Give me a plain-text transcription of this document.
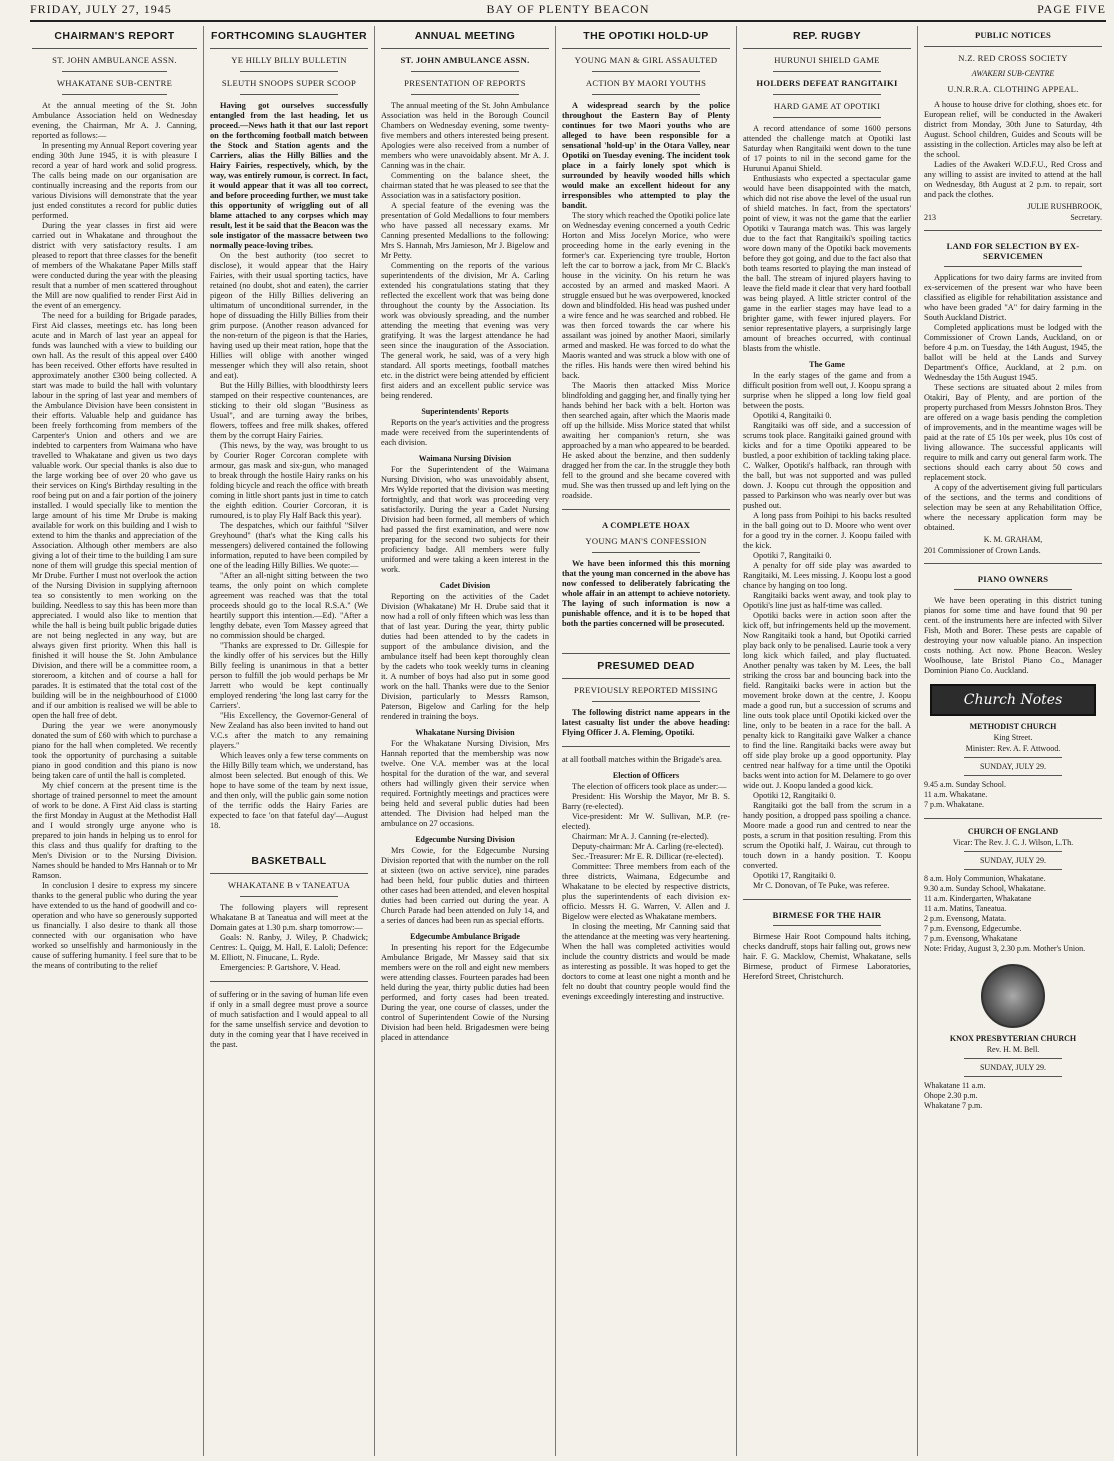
FRIDAY, JULY 27, 1945	BAY OF PLENTY BEACON	PAGE FIVE
CHAIRMAN'S REPORT
ST. JOHN AMBULANCE ASSN.
WHAKATANE SUB-CENTRE

At the annual meeting of the St. John Ambulance Association held on Wednesday evening, the Chairman, Mr A. J. Canning, reported as follows:—

In presenting my Annual Report covering year ending 30th June 1945, it is with pleasure I record a year of hard work and solid progress. The calls being made on our organisation are continually increasing and the reports from our various Divisions will demonstrate that the year just ended constitutes a record for public duties performed.

During the year classes in first aid were carried out in Whakatane and throughout the district with very satisfactory results. I am pleased to report that three classes for the benefit of members of the Whakatane Paper Mills staff were conducted during the year with the pleasing result that a number of men scattered throughout the Mill are now qualified to render First Aid in the event of an emergency.

The need for a building for Brigade parades, First Aid classes, meetings etc. has long been acute and in March of last year an appeal for funds was launched with a view to building our own hall. As the result of this appeal over £400 has been received. Other efforts have resulted in approximately another £300 being collected. A start was made to build the hall with voluntary labour in the spring of last year and members of the Ambulance Division have been consistent in their efforts. Valuable help and guidance has been freely forthcoming from members of the Carpenter's Union and others and we are indebted to carpenters from Waimana who have travelled to Whakatane and given us two days valuable work. Our special thanks is also due to the large working bee of over 20 who gave us their services on King's Birthday resulting in the roof being put on and a fair portion of the joinery installed. I would specially like to mention the large amount of his time Mr Drube is making available for work on this building and I wish to extend to him the thanks and appreciation of the Association. Although other members are also giving a lot of their time to the building I am sure none of them will grudge this special mention of Mr Drube. Further I must not overlook the action of the Nursing Division in supplying afternoon tea so consistently to men working on the building. Needless to say this has been more than appreciated. I would also like to mention that while the hall is being built public brigade duties are not being neglected in any way, but are always given first priority. When this hall is finished it will house the St. John Ambulance Division, and there will be a committee room, a storeroom, a kitchen and of course a hall for parades. It is estimated that the total cost of the building will be in the neighbourhood of £1000 and if our ambition is realised we will be able to open the hall free of debt.

During the year we were anonymously donated the sum of £60 with which to purchase a piano for the hall when completed. We recently took the opportunity of purchasing a suitable piano in good condition and this piano is now being taken care of until the hall is completed.

My chief concern at the present time is the shortage of trained personnel to meet the amount of work to be done. A First Aid class is starting the first Monday in August at the Methodist Hall and I would strongly urge anyone who is prepared to join hands in helping us to enrol for this class and thus qualify for drafting to the Men's Division or to the Nursing Division. Names should be handed to Mrs Hannah or to Mr Ramson.

In conclusion I desire to express my sincere thanks to the general public who during the year have extended to us the hand of goodwill and co-operation and who have so generously supported us financially. I also desire to thank all those connected with our organisation who have worked so unselfishly and harmoniously in the cause of suffering humanity. I feel sure that to be the means of contributing to the relief

FORTHCOMING SLAUGHTER
YE HILLY BILLY BULLETIN
SLEUTH SNOOPS SUPER SCOOP

Having got ourselves successfully entangled from the last heading, let us proceed.—News hath it that our last report on the forthcoming football match between the Stock and Station agents and the Carriers, alias the Hilly Billies and the Hairy Fairies, respectively, which, by the way, was entirely rumour, is correct. In fact, it would appear that it was all too correct, and before proceeding further, we must take this opportunity of wriggling out of all blame attached to any corpses which may result, lest it be said that the Beacon was the sole instigator of the massacre between two normally peace-loving tribes.

On the best authority (too secret to disclose), it would appear that the Hairy Fairies, with their usual sporting tactics, have retained (no doubt, shot and eaten), the carrier pigeon of the Hilly Billies delivering an ultimatum of unconditional surrender, in the hope of dissuading the Hilly Billies from their grim purpose. (Another reason advanced for the non-return of the pigeon is that the Haries, having used up their meat ration, hope that the Hillies will oblige with another winged messenger which they will also retain, shoot and eat).

But the Hilly Billies, with bloodthirsty leers stamped on their respective countenances, are sticking to their old slogan "Business as Usual", and are turning away the bribes, flowers, toffees and free milk shakes, offered them by the corrupt Hairy Fairies.

(This news, by the way, was brought to us by Courier Roger Corcoran complete with armour, gas mask and six-gun, who managed to break through the hostile Hairy ranks on his folding bicycle and reach the office with breath coming in little short pants just in time to catch the eighth edition. Courier Corcoran, it is rumoured, is to play Fly Half Back this year).

The despatches, which our faithful "Silver Greyhound" (that's what the King calls his messengers) delivered contained the following information, reputed to have been compiled by one of the leading Hilly Billies. We quote:—

"After an all-night sitting between the two teams, the only point on which complete agreement was reached was that the total proceeds should go to the local R.S.A." (We heartily support this intention.—Ed). "After a lengthy debate, even Tom Massey agreed that no commission should be charged.

"Thanks are expressed to Dr. Gillespie for the kindly offer of his services but the Hilly Billy feeling is unanimous in that a better person to fulfill the job would perhaps be Mr Jarrett who would be kept continually employed rendering 'the long last carry for the Carriers'.

"His Excellency, the Governor-General of New Zealand has also been invited to hand out V.C.s after the match to any remaining players."

Which leaves only a few terse comments on the Hilly Billy team which, we understand, has almost been selected. But enough of this. We hope to have some of the team by next issue, and then only, will the public gain some notion of the terrific odds the Hairy Faries are expected to face 'on that fateful day'—August 18.

BASKETBALL
WHAKATANE B v TANEATUA

The following players will represent Whakatane B at Taneatua and will meet at the Domain gates at 1.30 p.m. sharp tomorrow:—

Goals: N. Ranby, J. Wiley, P. Chadwick; Centres: L. Quigg, M. Hall, E. Laloli; Defence: M. Elliott, N. Finucane, L. Ryde.

Emergencies: P. Gartshore, V. Head.

of suffering or in the saving of human life even if only in a small degree must prove a source of much satisfaction and I would appeal to all for the same unselfish service and devotion to duty in the coming year that I have received in the past.

ANNUAL MEETING
ST. JOHN AMBULANCE ASSN.
PRESENTATION OF REPORTS

The annual meeting of the St. John Ambulance Association was held in the Borough Council Chambers on Wednesday evening, some twenty-five members and others interested being present. Apologies were also received from a number of members who were unavoidably absent. Mr A. J. Canning was in the chair.

Commenting on the balance sheet, the chairman stated that he was pleased to see that the Association was in a satisfactory position.

A special feature of the evening was the presentation of Gold Medallions to four members who have passed all necessary exams. Mr Canning presented Medallions to the following: Mrs S. Hannah, Mrs Jamieson, Mr J. Bigelow and Mr Petty.

Commenting on the reports of the various superintendents of the division, Mr A. Carling extended his congratulations stating that they reflected the excellent work that was being done throughout the county by the Association. Its work was obviously spreading, and the number attending the meeting that evening was very gratifying. It was the largest attendance he had seen since the inauguration of the Association. The general work, he said, was of a very high standard. All sports meetings, football matches etc. in the district were being attended by efficient first aiders and an excellent public service was being rendered.

Superintendents' Reports

Reports on the year's activities and the progress made were received from the superintendents of each division.

Waimana Nursing Division

For the Superintendent of the Waimana Nursing Division, who was unavoidably absent, Mrs Wylde reported that the division was meeting fortnightly, and that work was proceeding very satisfactorily. During the year a Cadet Nursing Division had been formed, all members of which had passed the first examination, and were now preparing for the second two subjects for their proficiency badge. All members were fully uniformed and were taking a keen interest in the work.

Cadet Division

Reporting on the activities of the Cadet Division (Whakatane) Mr H. Drube said that it now had a roll of only fifteen which was less than that of last year. During the year, thirty public duties had been attended to by the cadets in support of the ambulance division, and the ambulance itself had been kept thoroughly clean by the cadets who took weekly turns in cleaning it. A number of boys had also put in some good work on the hall. Thanks were due to the Senior Division, particularly to Messrs Ramson, Paterson, Bigelow and Carling for the help rendered in training the boys.

Whakatane Nursing Division

For the Whakatane Nursing Division, Mrs Hannah reported that the membership was now twelve. One V.A. member was at the local hospital for the duration of the war, and several others had willingly given their service when required. Fortnightly meetings and practices were being held and several public duties had been attended. The Division had helped man the ambulance on 27 occasions.

Edgecumbe Nursing Division

Mrs Cowie, for the Edgecumbe Nursing Division reported that with the number on the roll at sixteen (two on active service), nine parades had been held, four public duties and thirteen other cases had been attended, and eleven hospital duties had been carried out during the year. A Church Parade had been attended on July 14, and a series of dances had been run as special efforts.

Edgecumbe Ambulance Brigade

In presenting his report for the Edgecumbe Ambulance Brigade, Mr Massey said that six members were on the roll and eight new members were attending classes. Fourteen parades had been held during the year, thirty public duties had been performed, and forty cases had been treated. During the year, one course of classes, under the control of Superintendent Cowie of the Nursing Division had been held. Brigadesmen were being placed in attendance

THE OPOTIKI HOLD-UP
YOUNG MAN & GIRL ASSAULTED
ACTION BY MAORI YOUTHS

A widespread search by the police throughout the Eastern Bay of Plenty continues for two Maori youths who are alleged to have been responsible for a sensational 'hold-up' in the Otara Valley, near Opotiki on Tuesday evening. The incident took place in a fairly lonely spot which is surrounded by heavily wooded hills which would make an excellent hideout for any irresponsibles who attempted to play the bandit.

The story which reached the Opotiki police late on Wednesday evening concerned a youth Cedric Horton and Miss Jocelyn Morice, who were proceeding home in the early evening in the former's car. Experiencing tyre trouble, Horton left the car to borrow a jack, from Mr C. Black's house in the vicinity. On his return he was accosted by an armed and masked Maori. A struggle ensued but he was overpowered, knocked down and blindfolded. His head was pushed under a wire fence and he was searched and robbed. He was then forced towards the car where his assailant was joined by another Maori, similarly armed and masked. He was forced to do what the Maoris wanted and was struck a blow with one of the rifles. His hands were then wired behind his back.

The Maoris then attacked Miss Morice blindfolding and gagging her, and finally tying her hands behind her back with a belt. Horton was then searched again, after which the Maoris made off up the hillside. Miss Morice stated that whilst awaiting her companion's return, she was approached by a man who appeared to be bearded. He asked about the benzine, and then suddenly dragged her from the car. In the struggle they both fell to the ground and she became covered with mud. She was then trussed up and left lying on the roadside.

A COMPLETE HOAX
YOUNG MAN'S CONFESSION

We have been informed this this morning that the young man concerned in the above has now confessed to deliberately fabricating the whole affair in an attempt to achieve notoriety. The laying of such information is now a punishable offence, and it is to be hoped that both the parties concerned will be prosecuted.

PRESUMED DEAD
PREVIOUSLY REPORTED MISSING

The following district name appears in the latest casualty list under the above heading: Flying Officer J. A. Fleming, Opotiki.

at all football matches within the Brigade's area.

Election of Officers

The election of officers took place as under:—

President: His Worship the Mayor, Mr B. S. Barry (re-elected).

Vice-president: Mr W. Sullivan, M.P. (re-elected).

Chairman: Mr A. J. Canning (re-elected).

Deputy-chairman: Mr A. Carling (re-elected).

Sec.-Treasurer: Mr E. R. Dillicar (re-elected).

Committee: Three members from each of the three districts, Waimana, Edgecumbe and Whakatane to be elected by respective districts, plus the superintendents of each division ex-officio. Messrs H. G. Warren, V. Allen and J. Bigelow were elected as Whakatane members.

In closing the meeting, Mr Canning said that the attendance at the meeting was very heartening. When the hall was completed activities would include the country districts and would be made as interesting as possible. It was hoped to get the doctors to come at least one night a month and he felt no doubt that country people would find the evenings exceedingly interesting and instructive.

REP. RUGBY
HURUNUI SHIELD GAME
HOLDERS DEFEAT RANGITAIKI
HARD GAME AT OPOTIKI

A record attendance of some 1600 persons attended the challenge match at Opotiki last Saturday when Rangitaiki went down to the tune of 17 points to nil in the second game for the Hurunui Apanui Shield.

Enthusiasts who expected a spectacular game would have been disappointed with the match, which did not rise above the level of the usual run of shield matches. In fact, from the spectators' point of view, it was not the game that the earlier Opotiki v Tauranga match was. This was largely due to the fact that Rangitaiki's spoiling tactics wore down many of the Opotiki back movements before they got going, and due to the fact also that both teams resorted to playing the man instead of the ball. The stream of injured players having to leave the field made it clear that very hard football was being played. A little stricter control of the game in the earlier stages may have lead to a brighter game, with fewer injured players. For senior representative players, a surprisingly large amount of breaches occurred, with continual blasts from the whistle.

The Game

In the early stages of the game and from a difficult position from well out, J. Koopu sprang a surprise when he slipped a long low field goal between the posts.

Opotiki 4, Rangitaiki 0.

Rangitaiki was off side, and a succession of scrums took place. Rangitaiki gained ground with kicks and for a time Opotiki appeared to be bustled, a poor exhibition of tackling taking place. C. Walker, Opotiki's halfback, ran through with the ball, but was not supported and was pulled down. J. Koopu cut through the opposition and passed to Parkinson who was nearly over but was pushed out.

A long pass from Poihipi to his backs resulted in the ball going out to D. Moore who went over for a good try in the corner. J. Koopu failed with the kick.

Opotiki 7, Rangitaiki 0.

A penalty for off side play was awarded to Rangitaiki, M. Lees missing. J. Koopu lost a good chance by hanging on too long.

Rangitaiki backs went away, and took play to Opotiki's line just as half-time was called.

Opotiki backs were in action soon after the kick off, but infringements held up the movement. Now Rangitaiki took a hand, but Opotiki carried play back only to be penalised. Laurie took a very long kick which failed, and play fluctuated. Another penalty was taken by M. Lees, the ball striking the cross bar and bouncing back into the field. Rangitaiki backs were in action but the movement broke down at the centre, J. Koopu made a good run, but a succession of scrums and line outs took place until Opotiki kicked over the line, only to be beaten in a race for the ball. A penalty kick to Rangitaiki gave Walker a chance to find the line. Rangitaiki backs were away but off side play broke up a good opportunity. Play centred near halfway for a time until the Opotiki backs went into action for M. Delamere to go over wide out. J. Koopu landed a good kick.

Opotiki 12, Rangitaiki 0.

Rangitaiki got the ball from the scrum in a handy position, a dropped pass spoiling a chance. Moore made a good run and centred to near the posts, a scrum in that position resulting. From this scrum the Opotiki half, J. Wairau, cut through to touch down in a handy position. T. Koopu converted.

Opotiki 17, Rangitaiki 0.

Mr C. Donovan, of Te Puke, was referee.

BIRMESE FOR THE HAIR

Birmese Hair Root Compound halts itching, checks dandruff, stops hair falling out, grows new hair. F. G. Macklow, Chemist, Whakatane, sells Birmese, product of Firmese Laboratories, Hereford Street, Christchurch.

PUBLIC NOTICES
N.Z. RED CROSS SOCIETY
AWAKERI SUB-CENTRE
U.N.R.R.A. CLOTHING APPEAL.

A house to house drive for clothing, shoes etc. for European relief, will be conducted in the Awakeri district from Monday, 30th June to Saturday, 4th August. School children, Guides and Scouts will be assisting in the collection. Articles may also be left at the school.

Ladies of the Awakeri W.D.F.U., Red Cross and any willing to assist are invited to attend at the hall on Wednesday, 8th August at 2 p.m. to repair, sort and pack the clothes.

JULIE RUSHBROOK,
213	Secretary.
LAND FOR SELECTION BY EX-SERVICEMEN

Applications for two dairy farms are invited from ex-servicemen of the present war who have been classified as eligible for rehabilitation assistance and who have been graded "A" for dairy farming in the South Auckland District.

Completed applications must be lodged with the Commissioner of Crown Lands, Auckland, on or before 4 p.m. on Tuesday, the 14th August, 1945, the ballot will be held at the Lands and Survey Department's Office, Auckland, at 2 p.m. on Wednesday the 15th August 1945.

These sections are situated about 2 miles from Otakiri, Bay of Plenty, and are portion of the property purchased from Messrs Johnston Bros. They are offered on a wage basis pending the completion of improvements, and in the meantime wages will be paid at the rate of £5 10s per week, plus 10s cost of living allowance. The successful applicants will require to milk and carry out general farm work. The sections should each carry about 50 cows and replacement stock.

A copy of the advertisement giving full particulars of the sections, and the terms and conditions of selection may be seen at any Rehabilitation Office, where the necessary application form may be obtained.

K. M. GRAHAM,
201 Commissioner of Crown Lands.
PIANO OWNERS

We have been operating in this district tuning pianos for some time and have found that 90 per cent. of the instruments here are infected with Silver Fish, Moth and Borer. These pests are capable of destroying your now valuable piano. An inspection costs nothing. Act now. Phone Beacon. Wesley Woolhouse, late Bristol Piano Co., Manager Dominion Piano Co. Auckland.

Church Notes
METHODIST CHURCH
King Street.
Minister: Rev. A. F. Attwood.
SUNDAY, JULY 29.
9.45 a.m. Sunday School.
11 a.m. Whakatane.
7 p.m. Whakatane.
CHURCH OF ENGLAND
Vicar: The Rev. J. C. J. Wilson, L.Th.
SUNDAY, JULY 29.
8 a.m. Holy Communion, Whakatane.
9.30 a.m. Sunday School, Whakatane.
11 a.m. Kindergarten, Whakatane
11 a.m. Matins, Taneatua.
2 p.m. Evensong, Matata.
7 p.m. Evensong, Edgecumbe.
7 p.m. Evensong, Whakatane
Note: Friday, August 3, 2.30 p.m. Mother's Union.
KNOX PRESBYTERIAN CHURCH
Rev. H. M. Bell.
SUNDAY, JULY 29.
Whakatane 11 a.m.
Ohope 2.30 p.m.
Whakatane 7 p.m.
